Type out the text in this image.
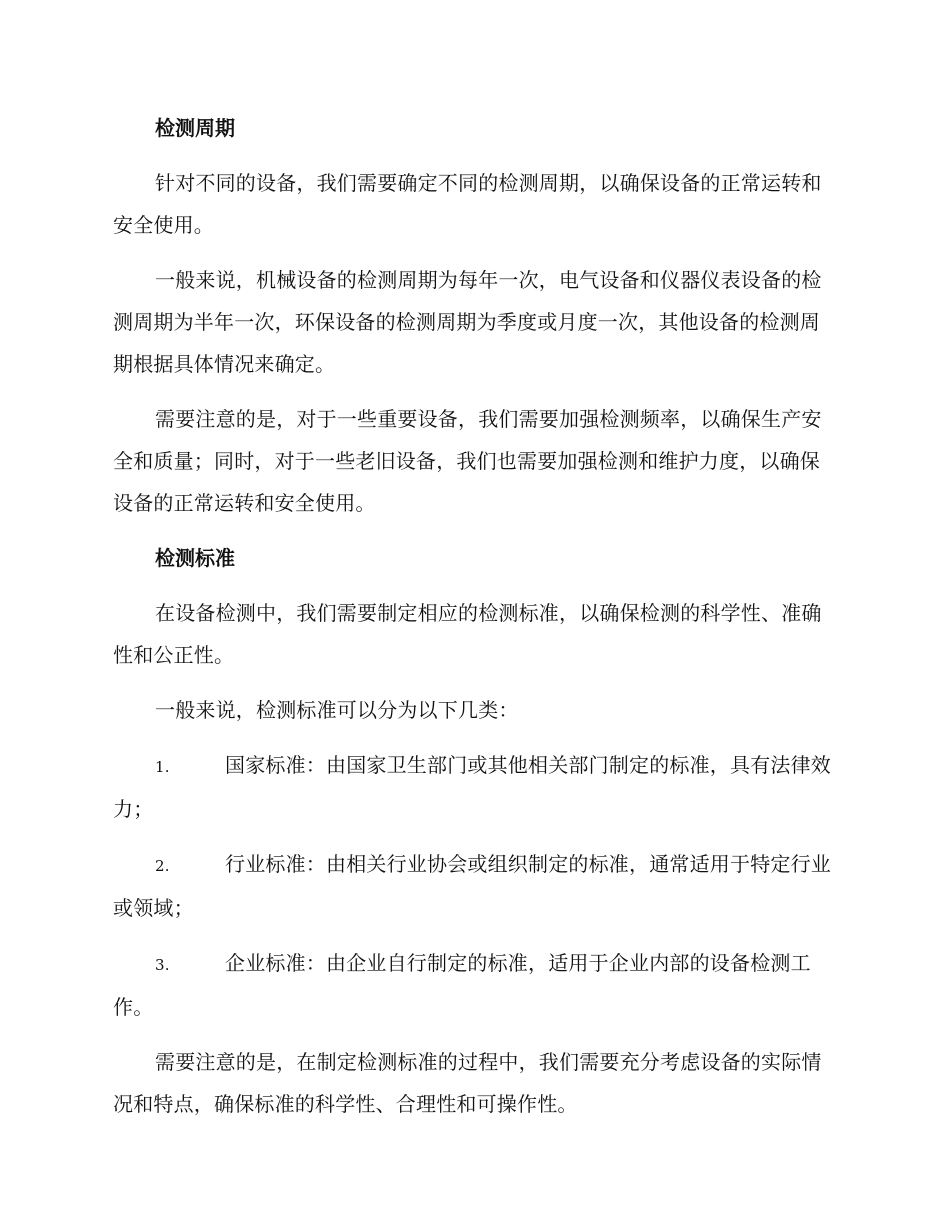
检测周期

针对不同的设备，我们需要确定不同的检测周期，以确保设备的正常运转和安全使用。

一般来说，机械设备的检测周期为每年一次，电气设备和仪器仪表设备的检测周期为半年一次，环保设备的检测周期为季度或月度一次，其他设备的检测周期根据具体情况来确定。

需要注意的是，对于一些重要设备，我们需要加强检测频率，以确保生产安全和质量；同时，对于一些老旧设备，我们也需要加强检测和维护力度，以确保设备的正常运转和安全使用。

检测标准

在设备检测中，我们需要制定相应的检测标准，以确保检测的科学性、准确性和公正性。

一般来说，检测标准可以分为以下几类：

1.	国家标准：由国家卫生部门或其他相关部门制定的标准，具有法律效力；

2.	行业标准：由相关行业协会或组织制定的标准，通常适用于特定行业或领域；

3.	企业标准：由企业自行制定的标准，适用于企业内部的设备检测工作。

需要注意的是，在制定检测标准的过程中，我们需要充分考虑设备的实际情况和特点，确保标准的科学性、合理性和可操作性。
